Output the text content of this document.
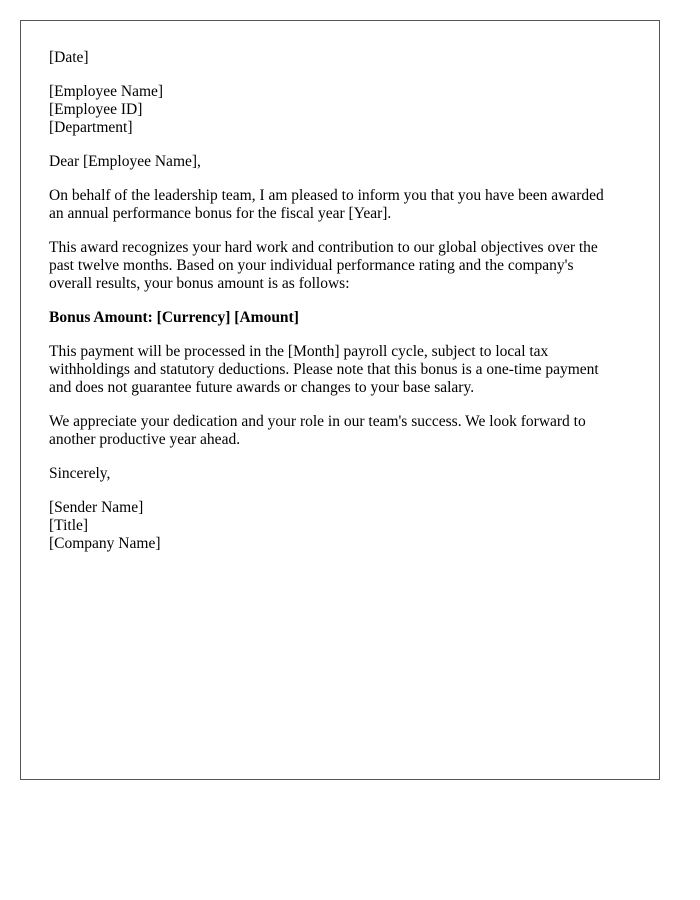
[Date]
[Employee Name]
[Employee ID]
[Department]
Dear [Employee Name],
On behalf of the leadership team, I am pleased to inform you that you have been awarded
an annual performance bonus for the fiscal year [Year].
This award recognizes your hard work and contribution to our global objectives over the
past twelve months. Based on your individual performance rating and the company's
overall results, your bonus amount is as follows:
Bonus Amount: [Currency] [Amount]
This payment will be processed in the [Month] payroll cycle, subject to local tax
withholdings and statutory deductions. Please note that this bonus is a one-time payment
and does not guarantee future awards or changes to your base salary.
We appreciate your dedication and your role in our team's success. We look forward to
another productive year ahead.
Sincerely,
[Sender Name]
[Title]
[Company Name]
